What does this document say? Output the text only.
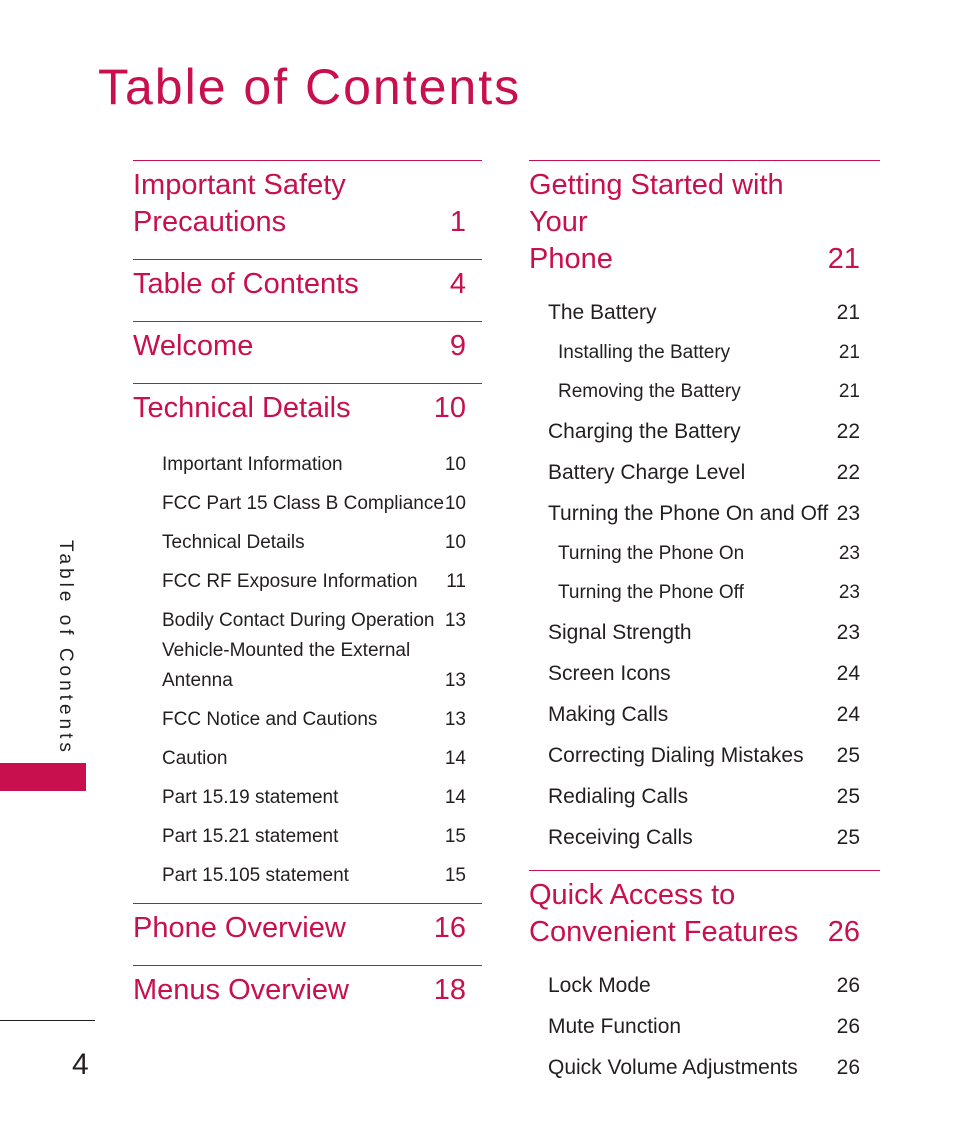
Table of Contents
Table of Contents
4
Important Safety
Precautions	1
Table of Contents	4
Welcome	9
Technical Details	10
Important Information	10
FCC Part 15 Class B Compliance 10
Technical Details	10
FCC RF Exposure Information 11
Bodily Contact During Operation 13
Vehicle-Mounted the External
Antenna	13
FCC Notice and Cautions	13
Caution	14
Part 15.19 statement	14
Part 15.21 statement	15
Part 15.105 statement	15
Phone Overview	16
Menus Overview	18
Getting Started with Your
Phone	21
The Battery	21
Installing the Battery	21
Removing the Battery	21
Charging the Battery	22
Battery Charge Level	22
Turning the Phone On and Off 23
Turning the Phone On	23
Turning the Phone Off	23
Signal Strength	23
Screen Icons	24
Making Calls	24
Correcting Dialing Mistakes 25
Redialing Calls	25
Receiving Calls	25
Quick Access to
Convenient Features	26
Lock Mode	26
Mute Function	26
Quick Volume Adjustments 26
